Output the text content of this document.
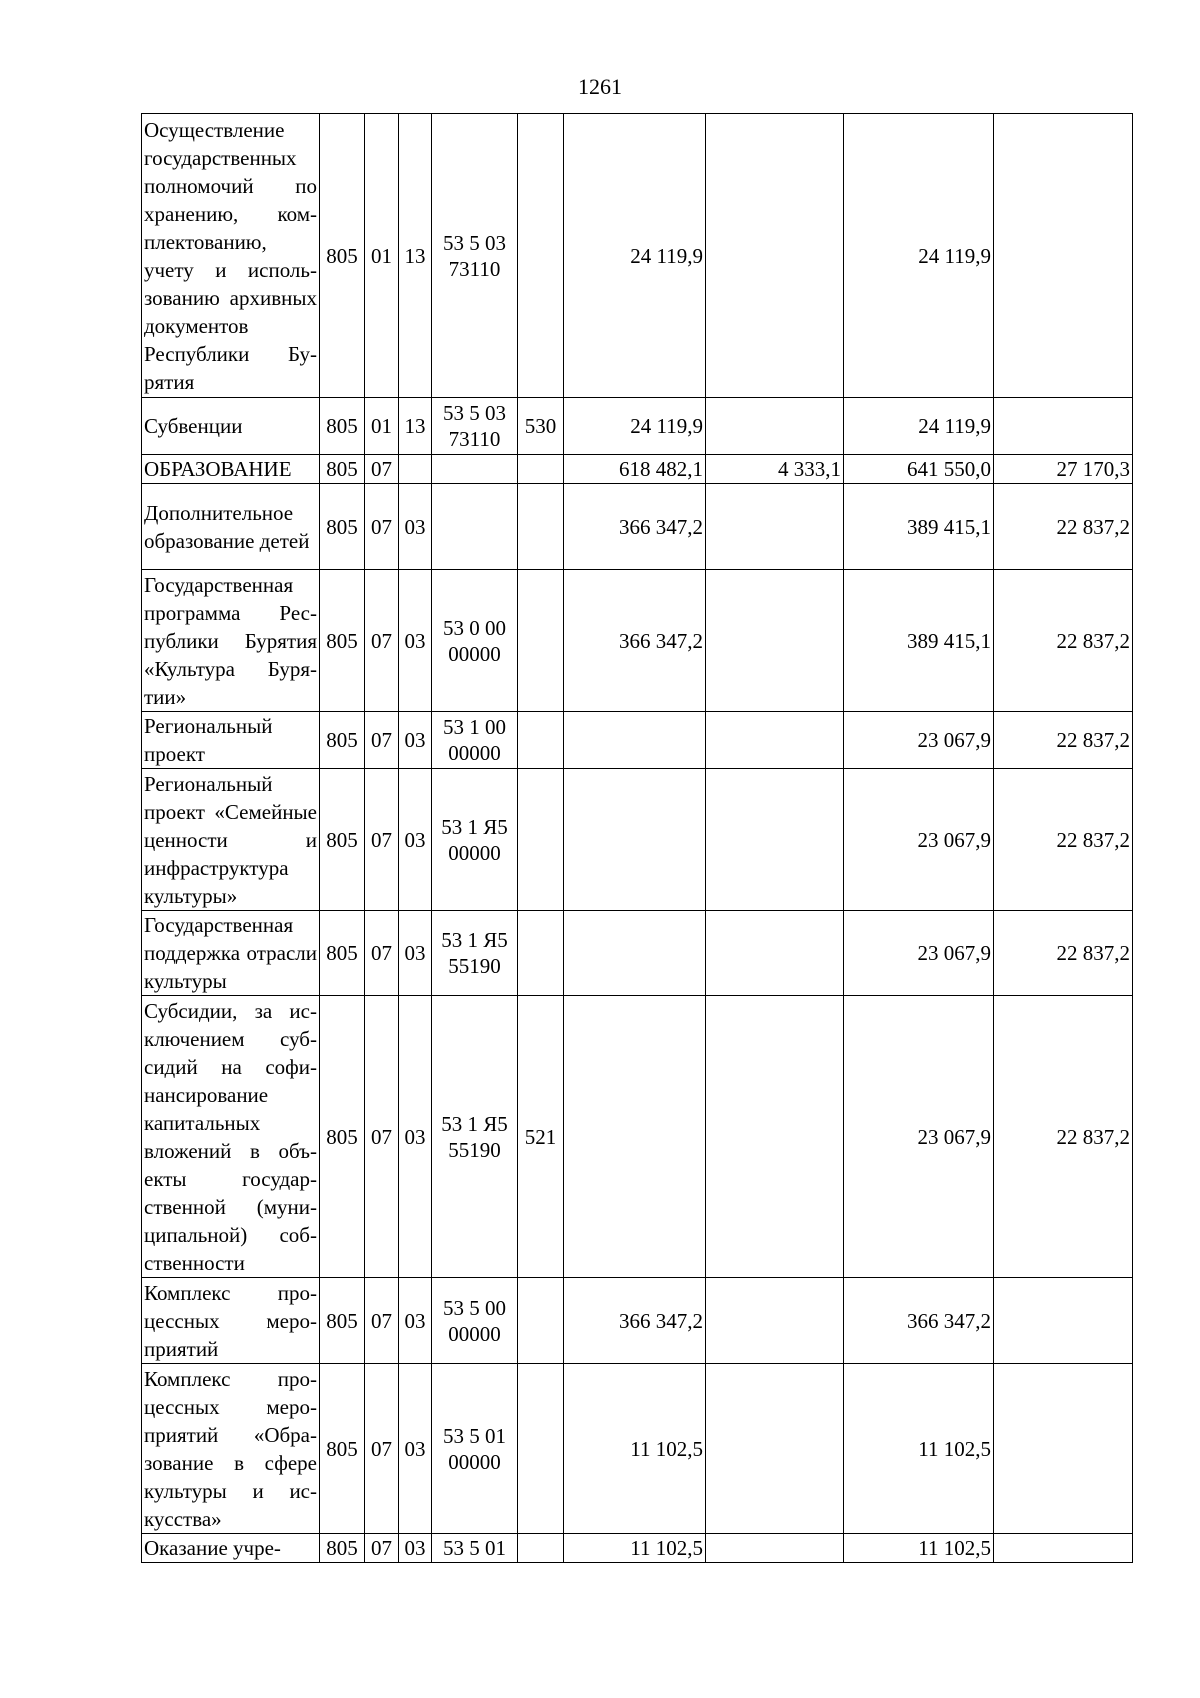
1261
Осуществление государственных полномочий по хранению, комплектованию, учету и использованию архивных документов Республики Бурятия	805	01	13	53 5 03 73110		24 119,9		24 119,9	
Субвенции	805	01	13	53 5 03 73110	530	24 119,9		24 119,9	
ОБРАЗОВАНИЕ	805	07				618 482,1	4 333,1	641 550,0	27 170,3
Дополнительное образование детей	805	07	03			366 347,2		389 415,1	22 837,2
Государственная программа Республики Бурятия «Культура Бурятии»	805	07	03	53 0 00 00000		366 347,2		389 415,1	22 837,2
Региональный проект	805	07	03	53 1 00 00000				23 067,9	22 837,2
Региональный проект «Семейные ценности и инфраструктура культуры»	805	07	03	53 1 Я5 00000				23 067,9	22 837,2
Государственная поддержка отрасли культуры	805	07	03	53 1 Я5 55190				23 067,9	22 837,2
Субсидии, за исключением субсидий на софинансирование капитальных вложений в объекты государственной (муниципальной) собственности	805	07	03	53 1 Я5 55190	521			23 067,9	22 837,2
Комплекс процессных мероприятий	805	07	03	53 5 00 00000		366 347,2		366 347,2	
Комплекс процессных мероприятий «Образование в сфере культуры и искусства»	805	07	03	53 5 01 00000		11 102,5		11 102,5	
Оказание учре-	805	07	03	53 5 01		11 102,5		11 102,5	
